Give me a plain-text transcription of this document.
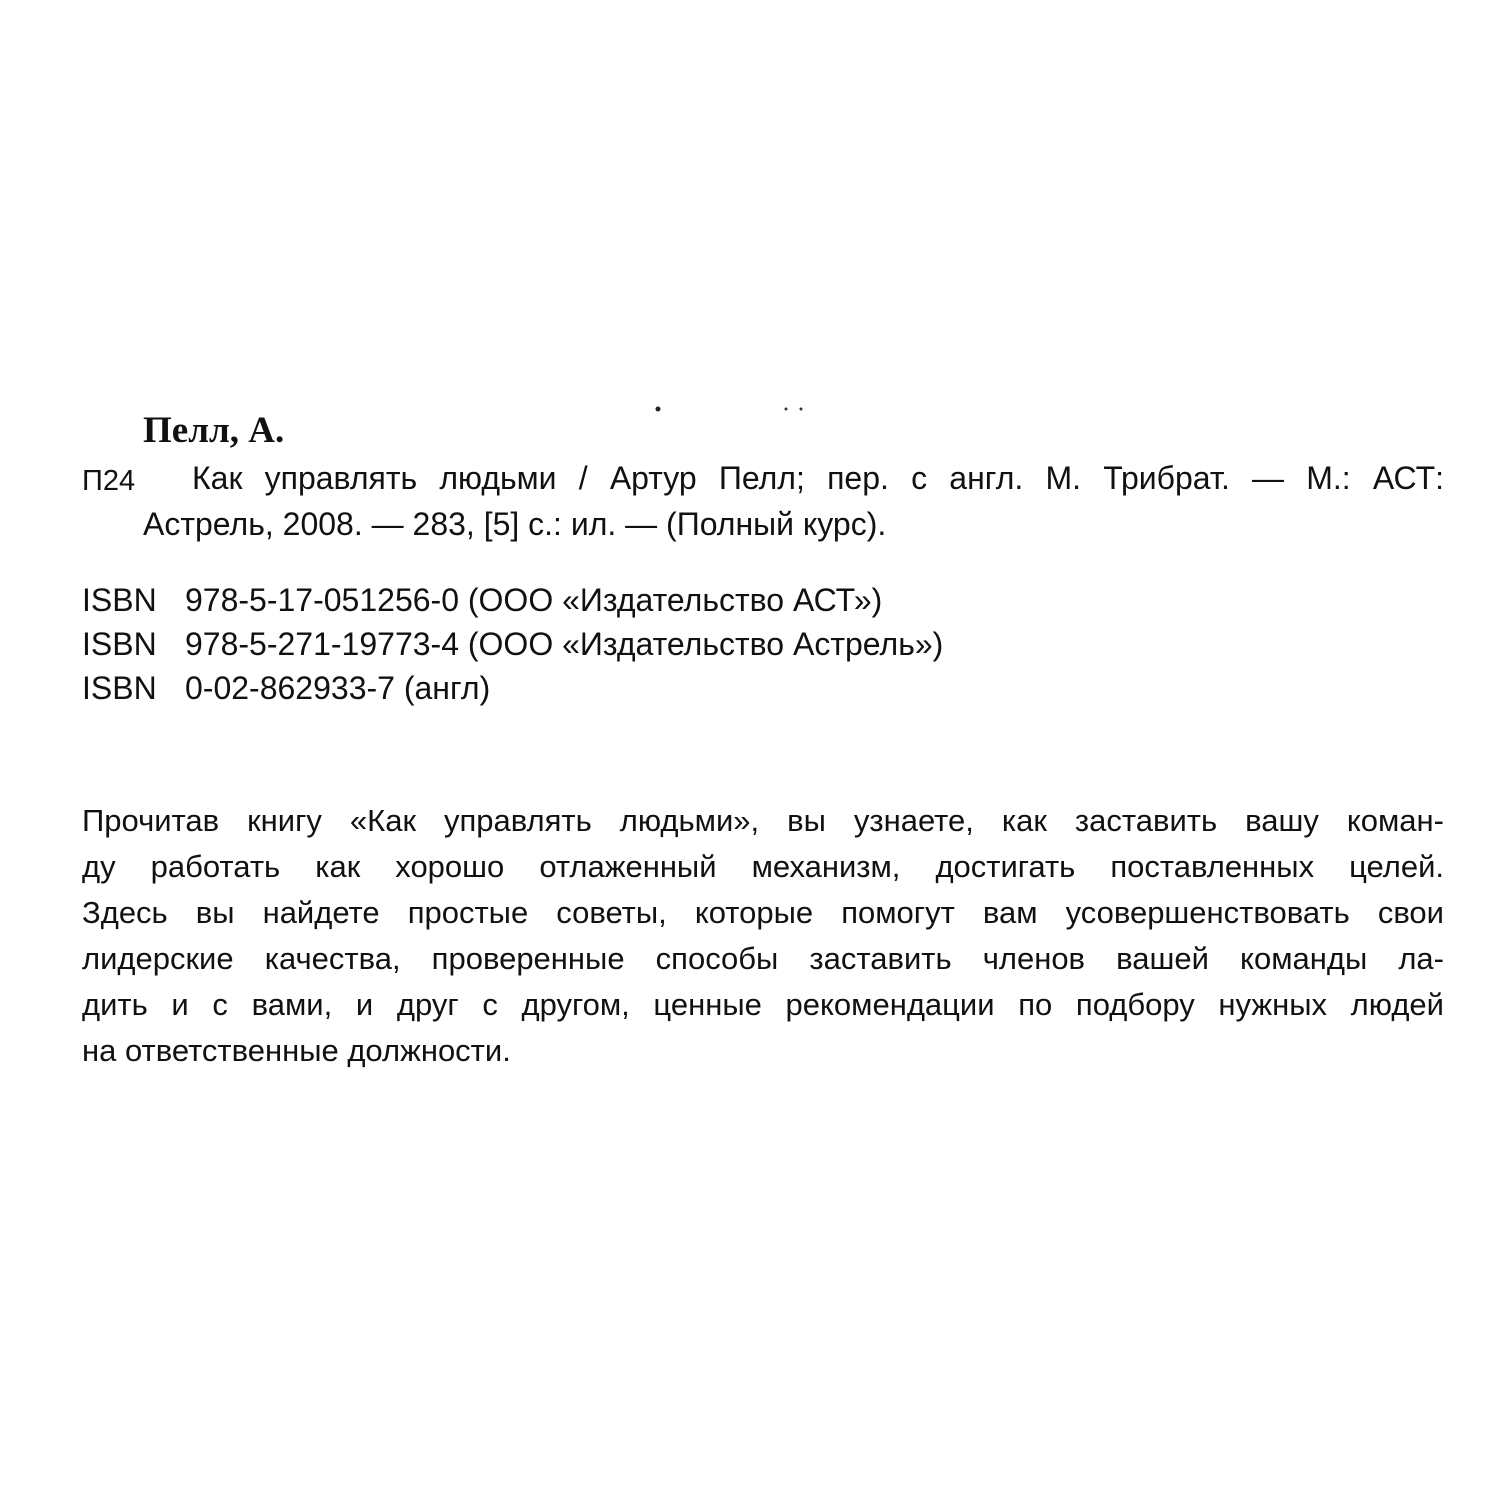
Пелл, А.
П24 Как управлять людьми / Артур Пелл; пер. с англ. М. Трибрат. — М.: АСТ:
Астрель, 2008. — 283, [5] с.: ил. — (Полный курс).
ISBN 978-5-17-051256-0 (ООО «Издательство АСТ»)
ISBN 978-5-271-19773-4 (ООО «Издательство Астрель»)
ISBN 0-02-862933-7 (англ)
Прочитав книгу «Как управлять людьми», вы узнаете, как заставить вашу коман-
ду работать как хорошо отлаженный механизм, достигать поставленных целей.
Здесь вы найдете простые советы, которые помогут вам усовершенствовать свои
лидерские качества, проверенные способы заставить членов вашей команды ла-
дить и с вами, и друг с другом, ценные рекомендации по подбору нужных людей
на ответственные должности.
